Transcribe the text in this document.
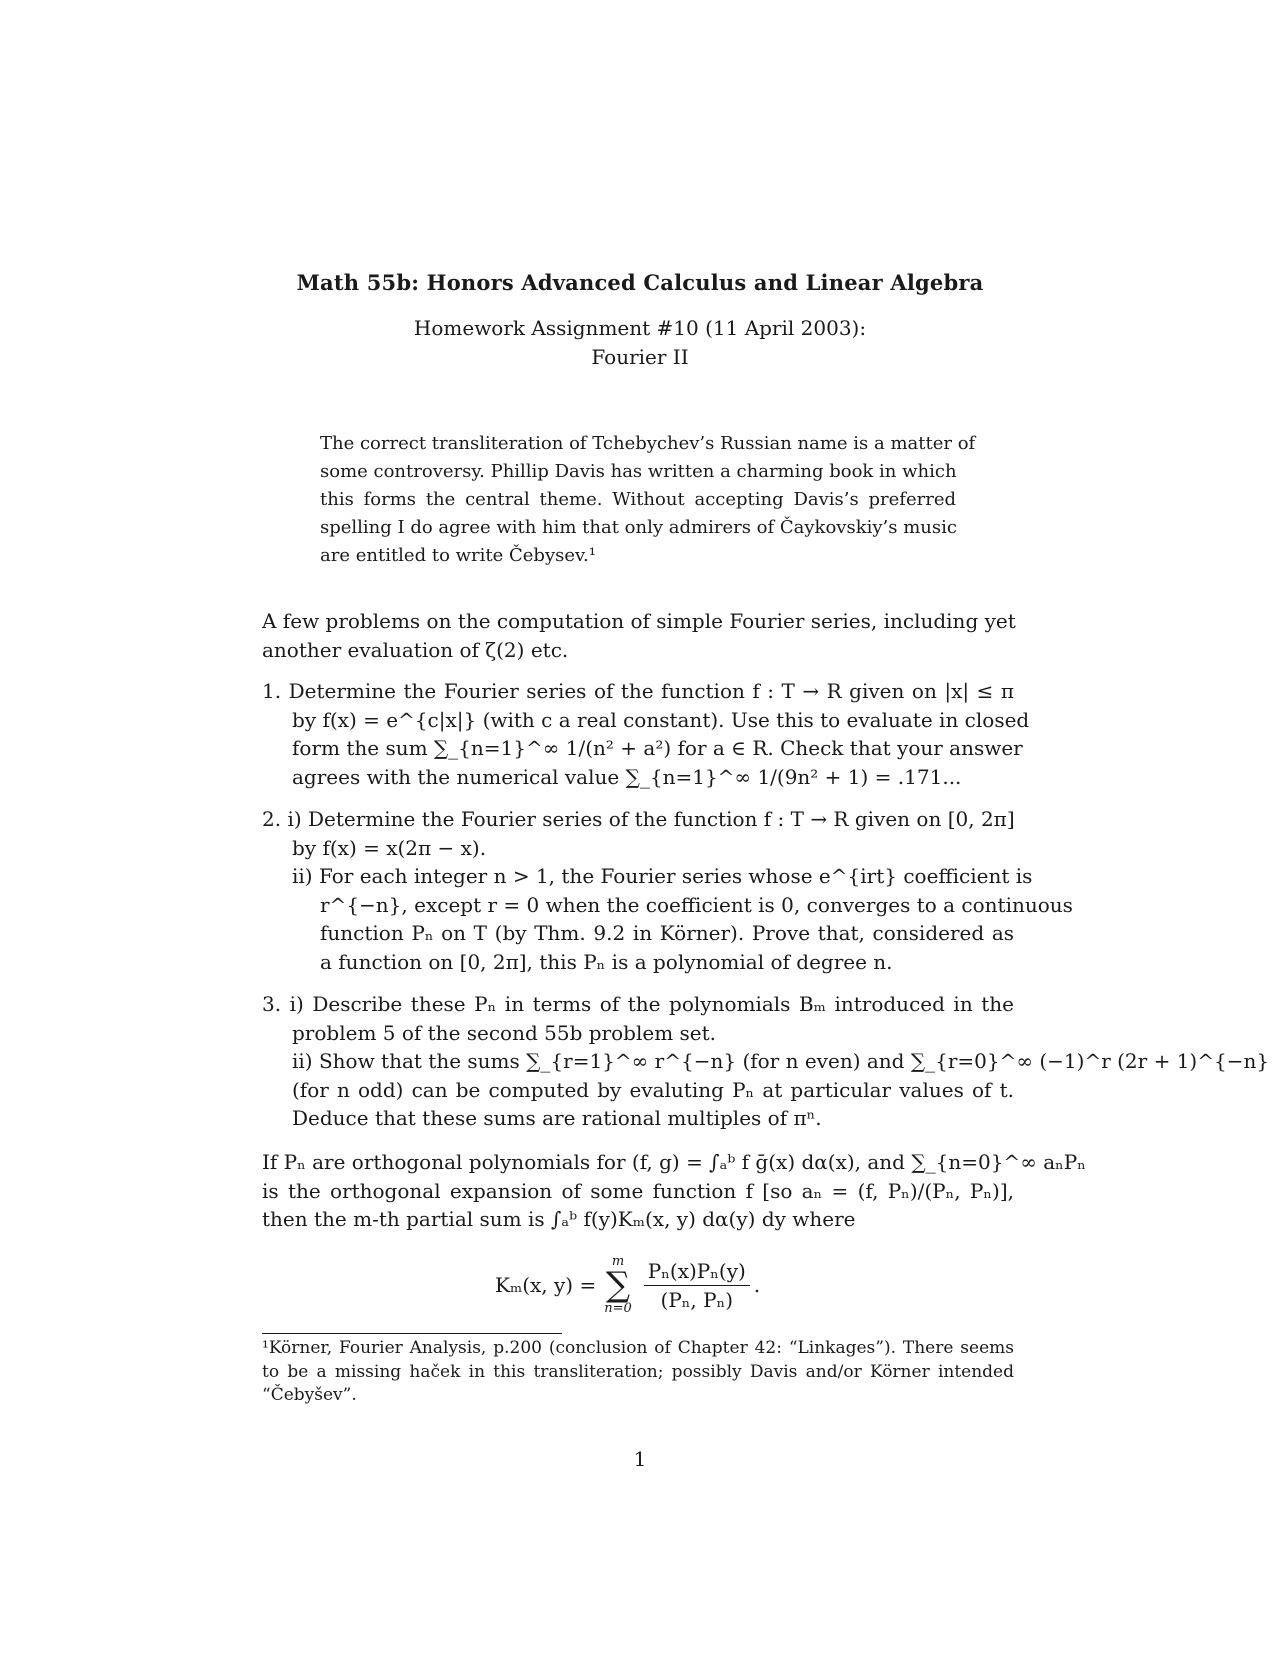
Math 55b: Honors Advanced Calculus and Linear Algebra
Homework Assignment #10 (11 April 2003):
Fourier II
The correct transliteration of Tchebychev’s Russian name is a matter of
some controversy. Phillip Davis has written a charming book in which
this forms the central theme. Without accepting Davis’s preferred
spelling I do agree with him that only admirers of Čaykovskiy’s music
are entitled to write Čebysev.¹
A few problems on the computation of simple Fourier series, including yet
another evaluation of ζ(2) etc.
1. Determine the Fourier series of the function f : T → R given on |x| ≤ π
by f(x) = e^{c|x|} (with c a real constant). Use this to evaluate in closed
form the sum ∑_{n=1}^∞ 1/(n² + a²) for a ∈ R. Check that your answer
agrees with the numerical value ∑_{n=1}^∞ 1/(9n² + 1) = .171...
2. i) Determine the Fourier series of the function f : T → R given on [0, 2π]
by f(x) = x(2π − x).
ii) For each integer n > 1, the Fourier series whose e^{irt} coefficient is
r^{−n}, except r = 0 when the coefficient is 0, converges to a continuous
function Pₙ on T (by Thm. 9.2 in Körner). Prove that, considered as
a function on [0, 2π], this Pₙ is a polynomial of degree n.
3. i) Describe these Pₙ in terms of the polynomials Bₘ introduced in the
problem 5 of the second 55b problem set.
ii) Show that the sums ∑_{r=1}^∞ r^{−n} (for n even) and ∑_{r=0}^∞ (−1)^r (2r + 1)^{−n}
(for n odd) can be computed by evaluting Pₙ at particular values of t.
Deduce that these sums are rational multiples of πⁿ.
If Pₙ are orthogonal polynomials for (f, g) = ∫ₐᵇ f ḡ(x) dα(x), and ∑_{n=0}^∞ aₙPₙ
is the orthogonal expansion of some function f [so aₙ = (f, Pₙ)/(Pₙ, Pₙ)],
then the m-th partial sum is ∫ₐᵇ f(y)Kₘ(x, y) dα(y) dy where
Kₘ(x, y) =
m
∑
$n=0 \frac{\text{Pₙ(x)Pₙ(y)}}{\text{(Pₙ, Pₙ)}}$ .
¹Körner, Fourier Analysis, p.200 (conclusion of Chapter 42: “Linkages”). There seems
to be a missing haček in this transliteration; possibly Davis and/or Körner intended
“Čebyšev”.
1
